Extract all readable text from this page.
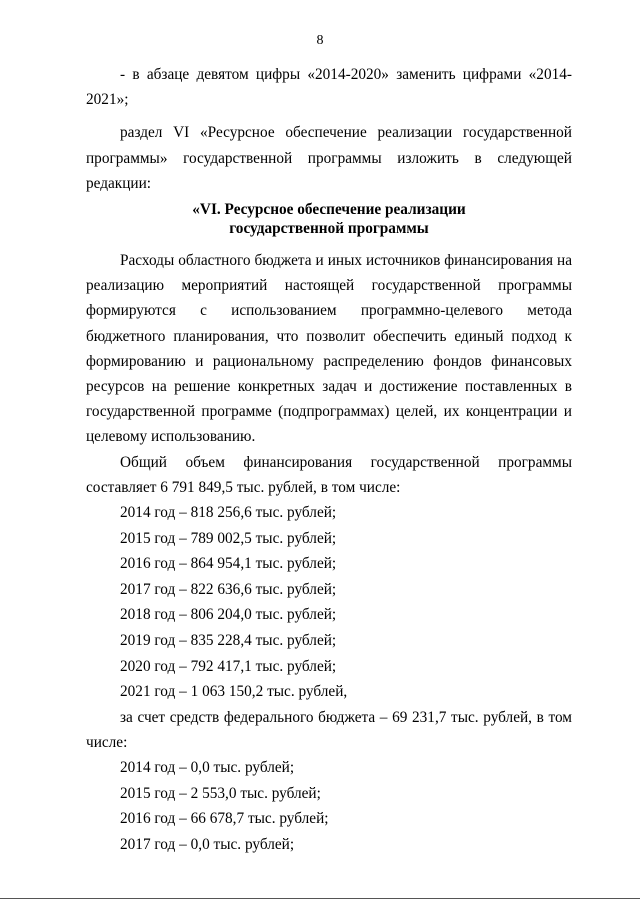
8

- в абзаце девятом цифры «2014-2020» заменить цифрами «2014-2021»;

раздел VI «Ресурсное обеспечение реализации государственной программы» государственной программы изложить в следующей редакции:

«VI. Ресурсное обеспечение реализации
государственной программы

Расходы областного бюджета и иных источников финансирования на реализацию мероприятий настоящей государственной программы формируются с использованием программно-целевого метода бюджетного планирования, что позволит обеспечить единый подход к формированию и рациональному распределению фондов финансовых ресурсов на решение конкретных задач и достижение поставленных в государственной программе (подпрограммах) целей, их концентрации и целевому использованию.

Общий объем финансирования государственной программы составляет 6 791 849,5 тыс. рублей, в том числе:

2014 год – 818 256,6 тыс. рублей;

2015 год – 789 002,5 тыс. рублей;

2016 год – 864 954,1 тыс. рублей;

2017 год – 822 636,6 тыс. рублей;

2018 год – 806 204,0 тыс. рублей;

2019 год – 835 228,4 тыс. рублей;

2020 год – 792 417,1 тыс. рублей;

2021 год – 1 063 150,2 тыс. рублей,

за счет средств федерального бюджета – 69 231,7 тыс. рублей, в том числе:

2014 год – 0,0 тыс. рублей;

2015 год – 2 553,0 тыс. рублей;

2016 год – 66 678,7 тыс. рублей;

2017 год – 0,0 тыс. рублей;
